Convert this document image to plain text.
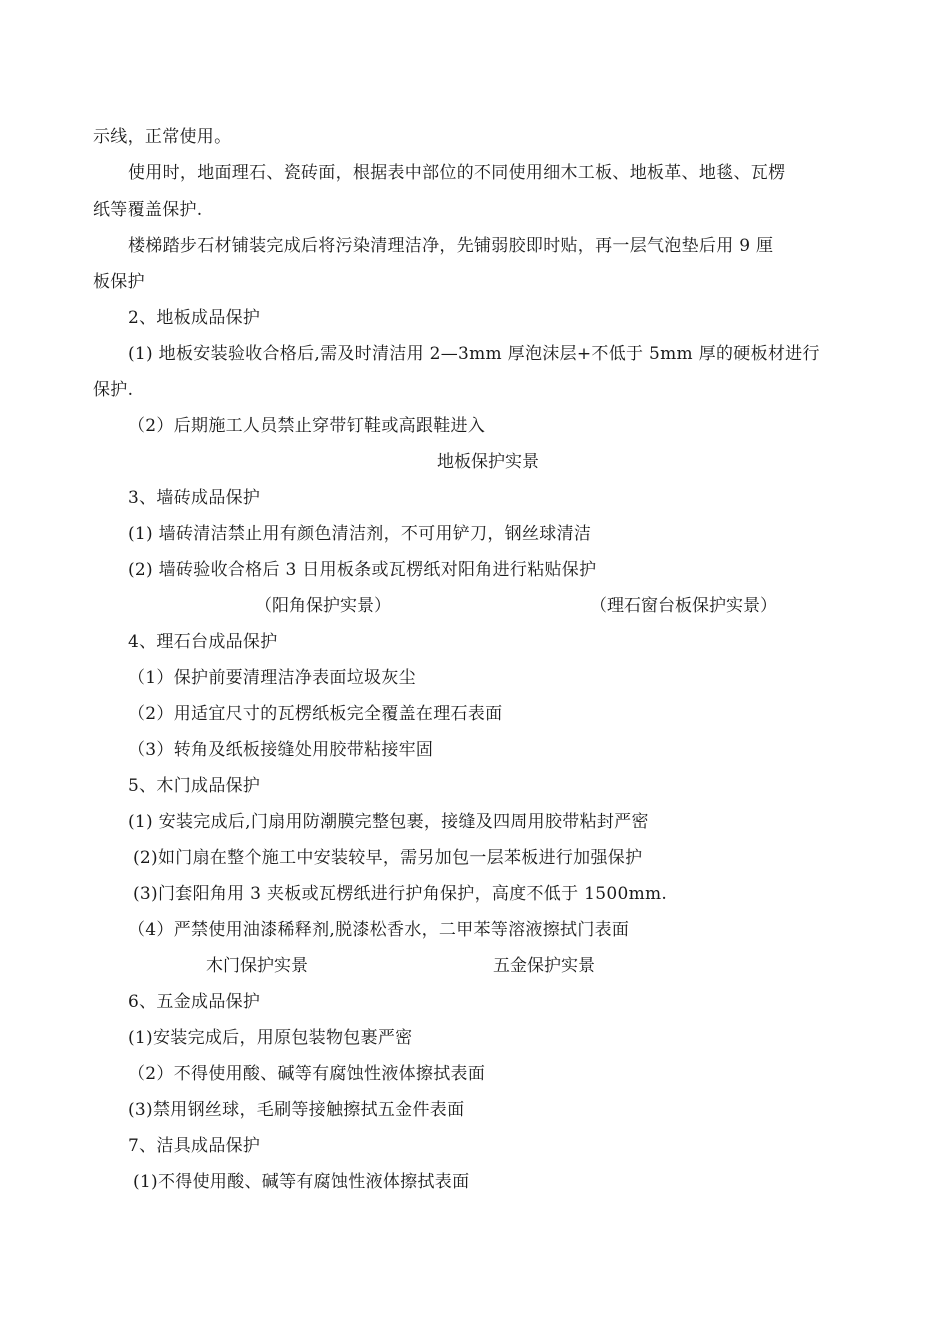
示线，正常使用。
使用时，地面理石、瓷砖面，根据表中部位的不同使用细木工板、地板革、地毯、瓦楞
纸等覆盖保护.
楼梯踏步石材铺装完成后将污染清理洁净，先铺弱胶即时贴，再一层气泡垫后用 9 厘
板保护
2、地板成品保护
(1) 地板安装验收合格后,需及时清洁用 2—3mm 厚泡沫层+不低于 5mm 厚的硬板材进行
保护.
（2）后期施工人员禁止穿带钉鞋或高跟鞋进入
地板保护实景
3、墙砖成品保护
(1) 墙砖清洁禁止用有颜色清洁剂，不可用铲刀，钢丝球清洁
(2) 墙砖验收合格后 3 日用板条或瓦楞纸对阳角进行粘贴保护
（阳角保护实景）	（理石窗台板保护实景）
4、理石台成品保护
（1）保护前要清理洁净表面垃圾灰尘
（2）用适宜尺寸的瓦楞纸板完全覆盖在理石表面
（3）转角及纸板接缝处用胶带粘接牢固
5、木门成品保护
(1) 安装完成后,门扇用防潮膜完整包裹，接缝及四周用胶带粘封严密
(2)如门扇在整个施工中安装较早，需另加包一层苯板进行加强保护
(3)门套阳角用 3 夹板或瓦楞纸进行护角保护，高度不低于 1500mm.
（4）严禁使用油漆稀释剂,脱漆松香水，二甲苯等溶液擦拭门表面
木门保护实景	五金保护实景
6、五金成品保护
(1)安装完成后，用原包装物包裹严密
（2）不得使用酸、碱等有腐蚀性液体擦拭表面
(3)禁用钢丝球，毛刷等接触擦拭五金件表面
7、洁具成品保护
(1)不得使用酸、碱等有腐蚀性液体擦拭表面
